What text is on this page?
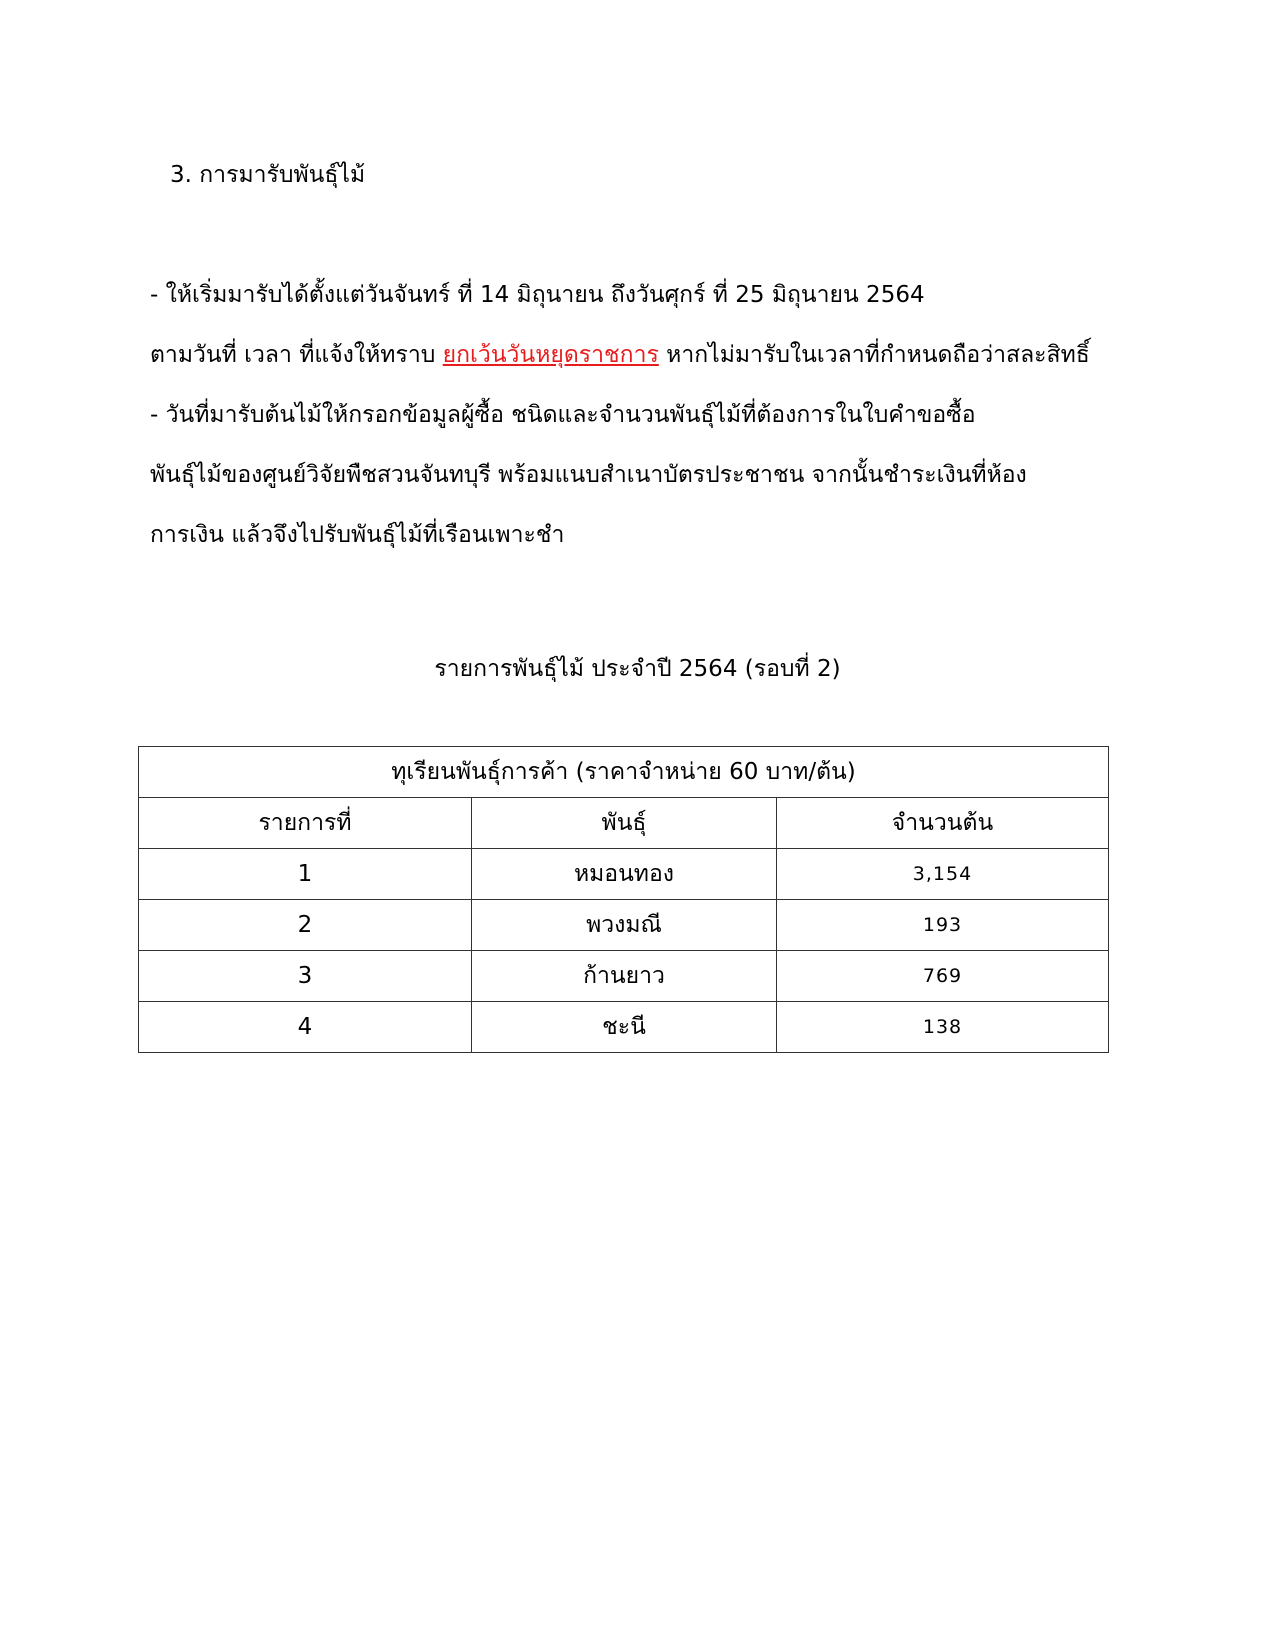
3. การมารับพันธุ์ไม้
- ให้เริ่มมารับได้ตั้งแต่วันจันทร์ ที่ 14 มิถุนายน ถึงวันศุกร์ ที่ 25 มิถุนายน 2564
ตามวันที่ เวลา ที่แจ้งให้ทราบ ยกเว้นวันหยุดราชการ หากไม่มารับในเวลาที่กำหนดถือว่าสละสิทธิ์
- วันที่มารับต้นไม้ให้กรอกข้อมูลผู้ซื้อ ชนิดและจำนวนพันธุ์ไม้ที่ต้องการในใบคำขอซื้อ
พันธุ์ไม้ของศูนย์วิจัยพืชสวนจันทบุรี พร้อมแนบสำเนาบัตรประชาชน จากนั้นชำระเงินที่ห้อง
การเงิน แล้วจึงไปรับพันธุ์ไม้ที่เรือนเพาะชำ
รายการพันธุ์ไม้ ประจำปี 2564 (รอบที่ 2)
ทุเรียนพันธุ์การค้า (ราคาจำหน่าย 60 บาท/ต้น)		
รายการที่	พันธุ์	จำนวนต้น
1	หมอนทอง	3,154
2	พวงมณี	193
3	ก้านยาว	769
4	ชะนี	138
